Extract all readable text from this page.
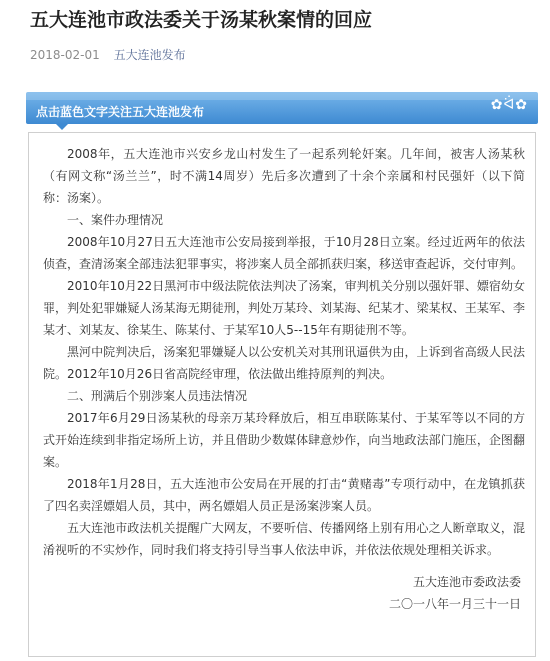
五大连池市政法委关于汤某秋案情的回应
2018-02-01 五大连池发布
点击蓝色文字关注五大连池发布	✿ᐛ✿

2008年，五大连池市兴安乡龙山村发生了一起系列轮奸案。几年间，被害人汤某秋（有网文称“汤兰兰”，时不满14周岁）先后多次遭到了十余个亲属和村民强奸（以下简称：汤案）。

一、案件办理情况

2008年10月27日五大连池市公安局接到举报，于10月28日立案。经过近两年的依法侦查，查清汤案全部违法犯罪事实，将涉案人员全部抓获归案，移送审查起诉，交付审判。

2010年10月22日黑河市中级法院依法判决了汤案，审判机关分别以强奸罪、嫖宿幼女罪，判处犯罪嫌疑人汤某海无期徒刑，判处万某玲、刘某海、纪某才、梁某权、王某军、李某才、刘某友、徐某生、陈某付、于某军10人5--15年有期徒刑不等。

黑河中院判决后，汤案犯罪嫌疑人以公安机关对其刑讯逼供为由，上诉到省高级人民法院。2012年10月26日省高院经审理，依法做出维持原判的判决。

二、刑满后个别涉案人员违法情况

2017年6月29日汤某秋的母亲万某玲释放后，相互串联陈某付、于某军等以不同的方式开始连续到非指定场所上访，并且借助少数媒体肆意炒作，向当地政法部门施压，企图翻案。

2018年1月28日，五大连池市公安局在开展的打击“黄赌毒”专项行动中，在龙镇抓获了四名卖淫嫖娼人员，其中，两名嫖娼人员正是汤案涉案人员。

五大连池市政法机关提醒广大网友，不要听信、传播网络上别有用心之人断章取义，混淆视听的不实炒作，同时我们将支持引导当事人依法申诉，并依法依规处理相关诉求。

五大连池市委政法委

二〇一八年一月三十一日
